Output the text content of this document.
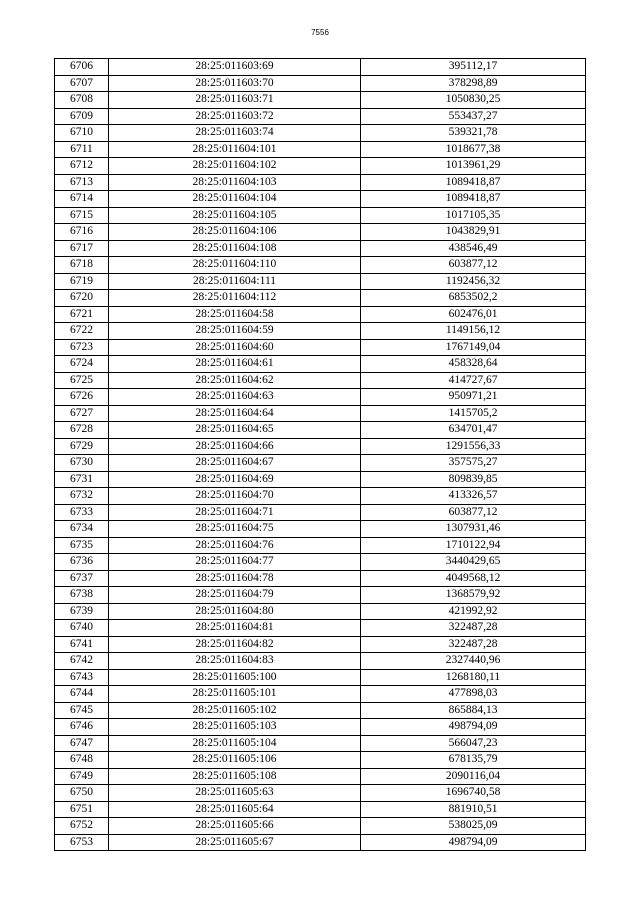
7556
6706	28:25:011603:69	395112,17
6707	28:25:011603:70	378298,89
6708	28:25:011603:71	1050830,25
6709	28:25:011603:72	553437,27
6710	28:25:011603:74	539321,78
6711	28:25:011604:101	1018677,38
6712	28:25:011604:102	1013961,29
6713	28:25:011604:103	1089418,87
6714	28:25:011604:104	1089418,87
6715	28:25:011604:105	1017105,35
6716	28:25:011604:106	1043829,91
6717	28:25:011604:108	438546,49
6718	28:25:011604:110	603877,12
6719	28:25:011604:111	1192456,32
6720	28:25:011604:112	6853502,2
6721	28:25:011604:58	602476,01
6722	28:25:011604:59	1149156,12
6723	28:25:011604:60	1767149,04
6724	28:25:011604:61	458328,64
6725	28:25:011604:62	414727,67
6726	28:25:011604:63	950971,21
6727	28:25:011604:64	1415705,2
6728	28:25:011604:65	634701,47
6729	28:25:011604:66	1291556,33
6730	28:25:011604:67	357575,27
6731	28:25:011604:69	809839,85
6732	28:25:011604:70	413326,57
6733	28:25:011604:71	603877,12
6734	28:25:011604:75	1307931,46
6735	28:25:011604:76	1710122,94
6736	28:25:011604:77	3440429,65
6737	28:25:011604:78	4049568,12
6738	28:25:011604:79	1368579,92
6739	28:25:011604:80	421992,92
6740	28:25:011604:81	322487,28
6741	28:25:011604:82	322487,28
6742	28:25:011604:83	2327440,96
6743	28:25:011605:100	1268180,11
6744	28:25:011605:101	477898,03
6745	28:25:011605:102	865884,13
6746	28:25:011605:103	498794,09
6747	28:25:011605:104	566047,23
6748	28:25:011605:106	678135,79
6749	28:25:011605:108	2090116,04
6750	28:25:011605:63	1696740,58
6751	28:25:011605:64	881910,51
6752	28:25:011605:66	538025,09
6753	28:25:011605:67	498794,09
